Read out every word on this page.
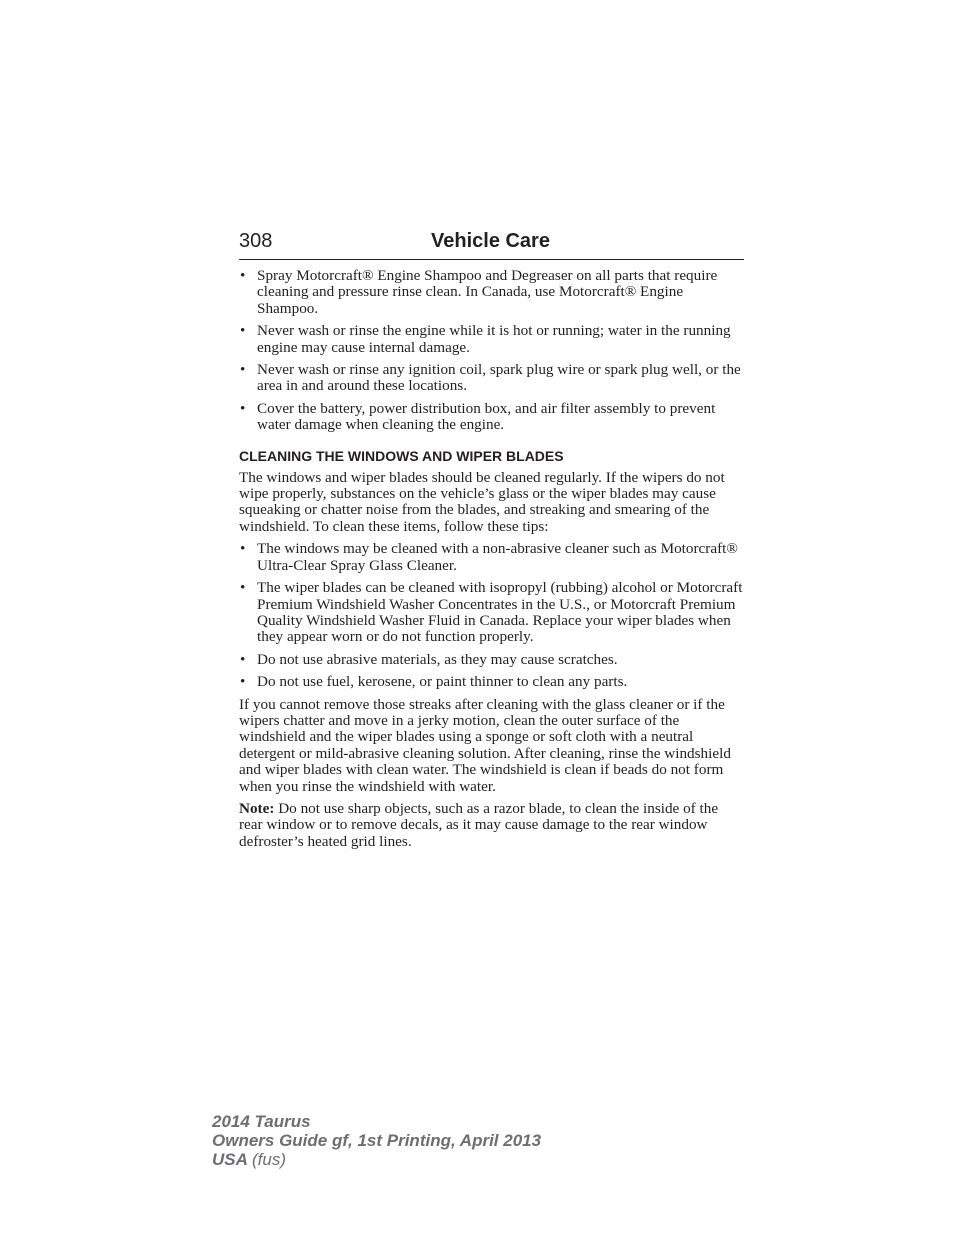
308	Vehicle Care
• Spray Motorcraft® Engine Shampoo and Degreaser on all parts that require cleaning and pressure rinse clean. In Canada, use Motorcraft® Engine Shampoo.
• Never wash or rinse the engine while it is hot or running; water in the running engine may cause internal damage.
• Never wash or rinse any ignition coil, spark plug wire or spark plug well, or the area in and around these locations.
• Cover the battery, power distribution box, and air filter assembly to prevent water damage when cleaning the engine.
CLEANING THE WINDOWS AND WIPER BLADES

The windows and wiper blades should be cleaned regularly. If the wipers do not wipe properly, substances on the vehicle’s glass or the wiper blades may cause squeaking or chatter noise from the blades, and streaking and smearing of the windshield. To clean these items, follow these tips:

• The windows may be cleaned with a non-abrasive cleaner such as Motorcraft® Ultra-Clear Spray Glass Cleaner.
• The wiper blades can be cleaned with isopropyl (rubbing) alcohol or Motorcraft Premium Windshield Washer Concentrates in the U.S., or Motorcraft Premium Quality Windshield Washer Fluid in Canada. Replace your wiper blades when they appear worn or do not function properly.
• Do not use abrasive materials, as they may cause scratches.
• Do not use fuel, kerosene, or paint thinner to clean any parts.

If you cannot remove those streaks after cleaning with the glass cleaner or if the wipers chatter and move in a jerky motion, clean the outer surface of the windshield and the wiper blades using a sponge or soft cloth with a neutral detergent or mild-abrasive cleaning solution. After cleaning, rinse the windshield and wiper blades with clean water. The windshield is clean if beads do not form when you rinse the windshield with water.

Note: Do not use sharp objects, such as a razor blade, to clean the inside of the rear window or to remove decals, as it may cause damage to the rear window defroster’s heated grid lines.

2014 Taurus
Owners Guide gf, 1st Printing, April 2013
USA (fus)
